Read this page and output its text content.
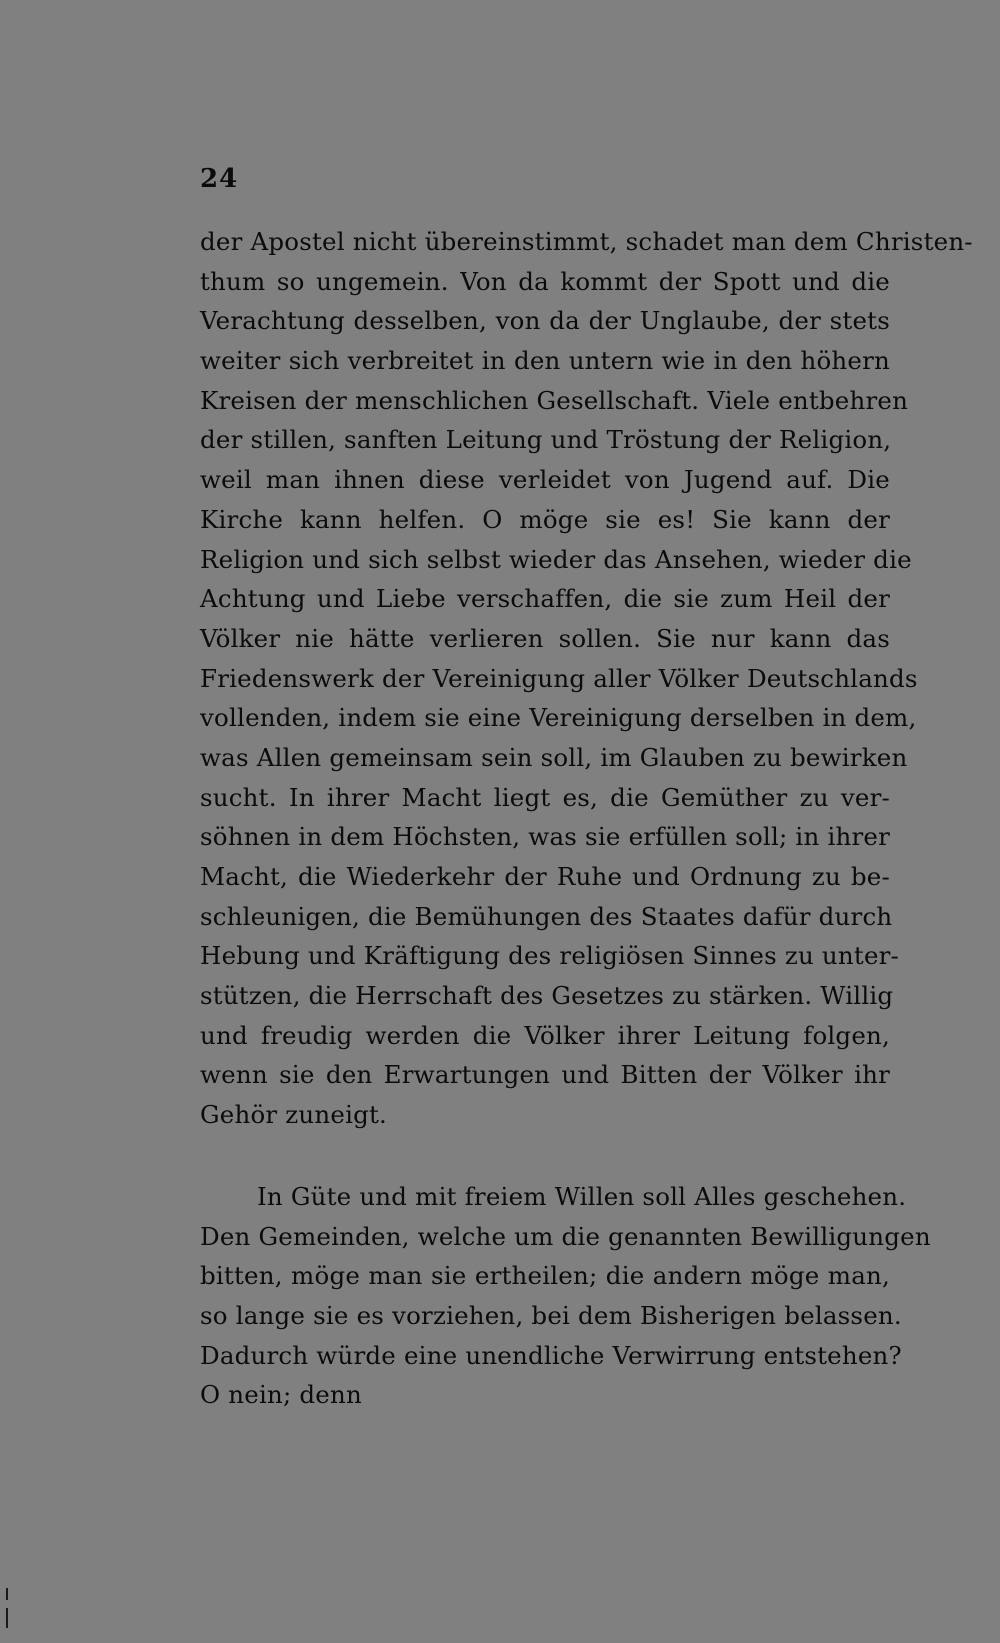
24
der Apostel nicht übereinstimmt, schadet man dem Christen-
thum so ungemein. Von da kommt der Spott und die
Verachtung desselben, von da der Unglaube, der stets
weiter sich verbreitet in den untern wie in den höhern
Kreisen der menschlichen Gesellschaft. Viele entbehren
der stillen, sanften Leitung und Tröstung der Religion,
weil man ihnen diese verleidet von Jugend auf. Die
Kirche kann helfen. O möge sie es! Sie kann der
Religion und sich selbst wieder das Ansehen, wieder die
Achtung und Liebe verschaffen, die sie zum Heil der
Völker nie hätte verlieren sollen. Sie nur kann das
Friedenswerk der Vereinigung aller Völker Deutschlands
vollenden, indem sie eine Vereinigung derselben in dem,
was Allen gemeinsam sein soll, im Glauben zu bewirken
sucht. In ihrer Macht liegt es, die Gemüther zu ver-
söhnen in dem Höchsten, was sie erfüllen soll; in ihrer
Macht, die Wiederkehr der Ruhe und Ordnung zu be-
schleunigen, die Bemühungen des Staates dafür durch
Hebung und Kräftigung des religiösen Sinnes zu unter-
stützen, die Herrschaft des Gesetzes zu stärken. Willig
und freudig werden die Völker ihrer Leitung folgen,
wenn sie den Erwartungen und Bitten der Völker ihr
Gehör zuneigt.
In Güte und mit freiem Willen soll Alles geschehen.
Den Gemeinden, welche um die genannten Bewilligungen
bitten, möge man sie ertheilen; die andern möge man,
so lange sie es vorziehen, bei dem Bisherigen belassen.
Dadurch würde eine unendliche Verwirrung entstehen?
O nein; denn
